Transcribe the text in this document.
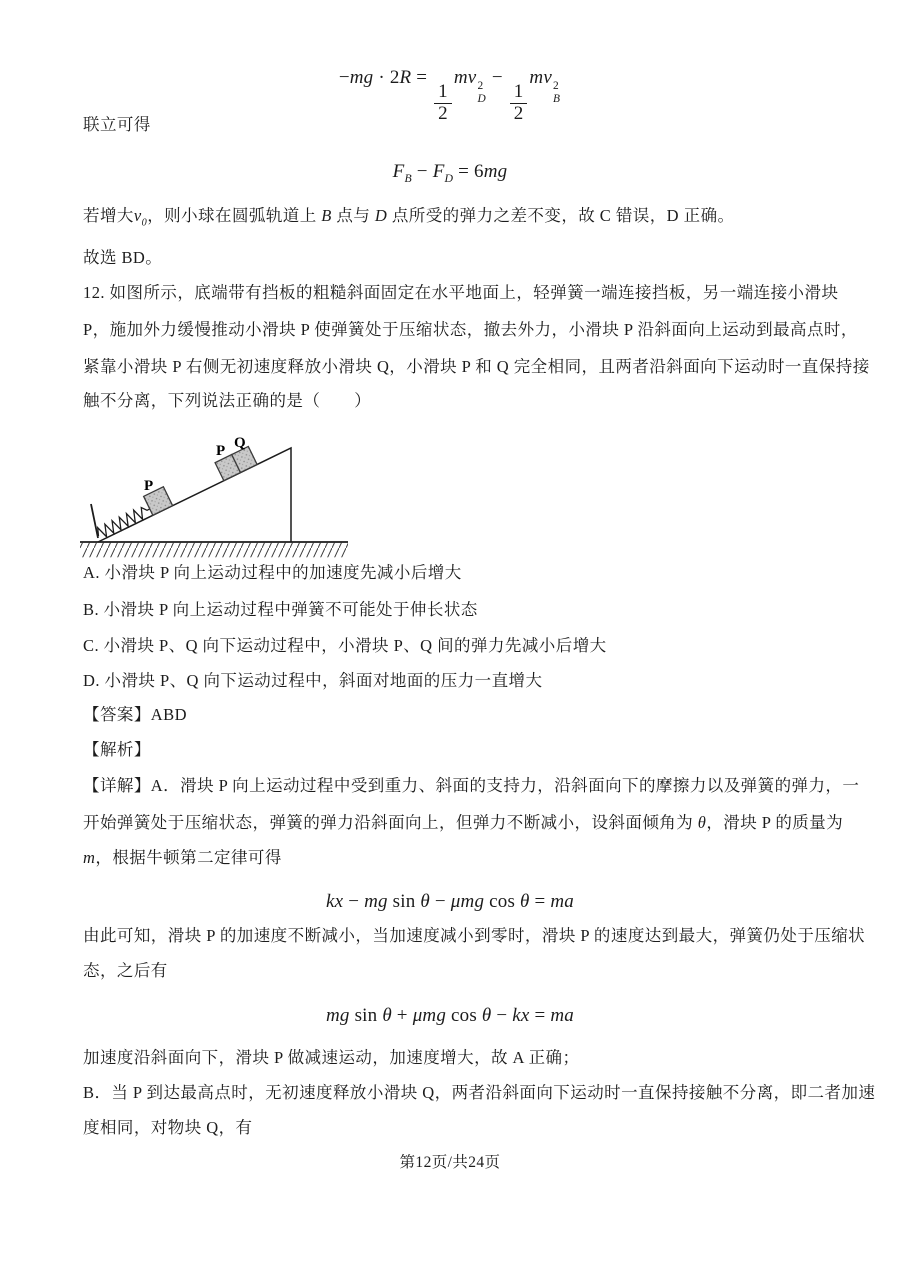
−mg · 2R =
$\frac{1}{2}$
mv 2
D
−
$\frac{1}{2}$
mv 2
B
联立可得
$F_B - F_D = 6mg$
若增大$v_0$，则小球在圆弧轨道上 B 点与 D 点所受的弹力之差不变，故 C 错误，D 正确。
故选 BD。
12. 如图所示，底端带有挡板的粗糙斜面固定在水平地面上，轻弹簧一端连接挡板，另一端连接小滑块
P，施加外力缓慢推动小滑块 P 使弹簧处于压缩状态，撤去外力，小滑块 P 沿斜面向上运动到最高点时，
紧靠小滑块 P 右侧无初速度释放小滑块 Q，小滑块 P 和 Q 完全相同，且两者沿斜面向下运动时一直保持接
触不分离，下列说法正确的是（　　）
P
P Q
A. 小滑块 P 向上运动过程中的加速度先减小后增大
B. 小滑块 P 向上运动过程中弹簧不可能处于伸长状态
C. 小滑块 P、Q 向下运动过程中，小滑块 P、Q 间的弹力先减小后增大
D. 小滑块 P、Q 向下运动过程中，斜面对地面的压力一直增大
【答案】ABD
【解析】
【详解】A．滑块 P 向上运动过程中受到重力、斜面的支持力，沿斜面向下的摩擦力以及弹簧的弹力，一
开始弹簧处于压缩状态，弹簧的弹力沿斜面向上，但弹力不断减小，设斜面倾角为 θ，滑块 P 的质量为
m，根据牛顿第二定律可得
kx − mg sin θ − μmg cos θ = ma
由此可知，滑块 P 的加速度不断减小，当加速度减小到零时，滑块 P 的速度达到最大，弹簧仍处于压缩状
态，之后有
mg sin θ + μmg cos θ − kx = ma
加速度沿斜面向下，滑块 P 做减速运动，加速度增大，故 A 正确；
B．当 P 到达最高点时，无初速度释放小滑块 Q，两者沿斜面向下运动时一直保持接触不分离，即二者加速
度相同，对物块 Q，有
第12页/共24页
